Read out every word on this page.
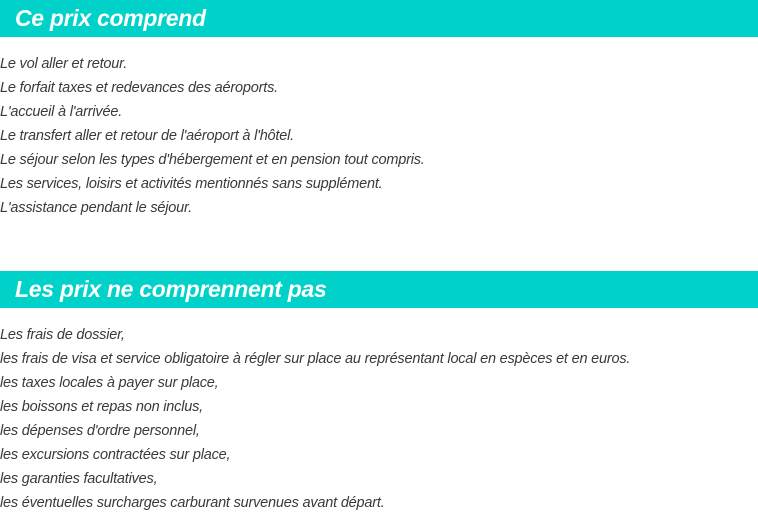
Ce prix comprend
Le vol aller et retour.
Le forfait taxes et redevances des aéroports.
L'accueil à l'arrivée.
Le transfert aller et retour de l'aéroport à l'hôtel.
Le séjour selon les types d'hébergement et en pension tout compris.
Les services, loisirs et activités mentionnés sans supplément.
L'assistance pendant le séjour.
Les prix ne comprennent pas
Les frais de dossier,
les frais de visa et service obligatoire à régler sur place au représentant local en espèces et en euros.
les taxes locales à payer sur place,
les boissons et repas non inclus,
les dépenses d'ordre personnel,
les excursions contractées sur place,
les garanties facultatives,
les éventuelles surcharges carburant survenues avant départ.
